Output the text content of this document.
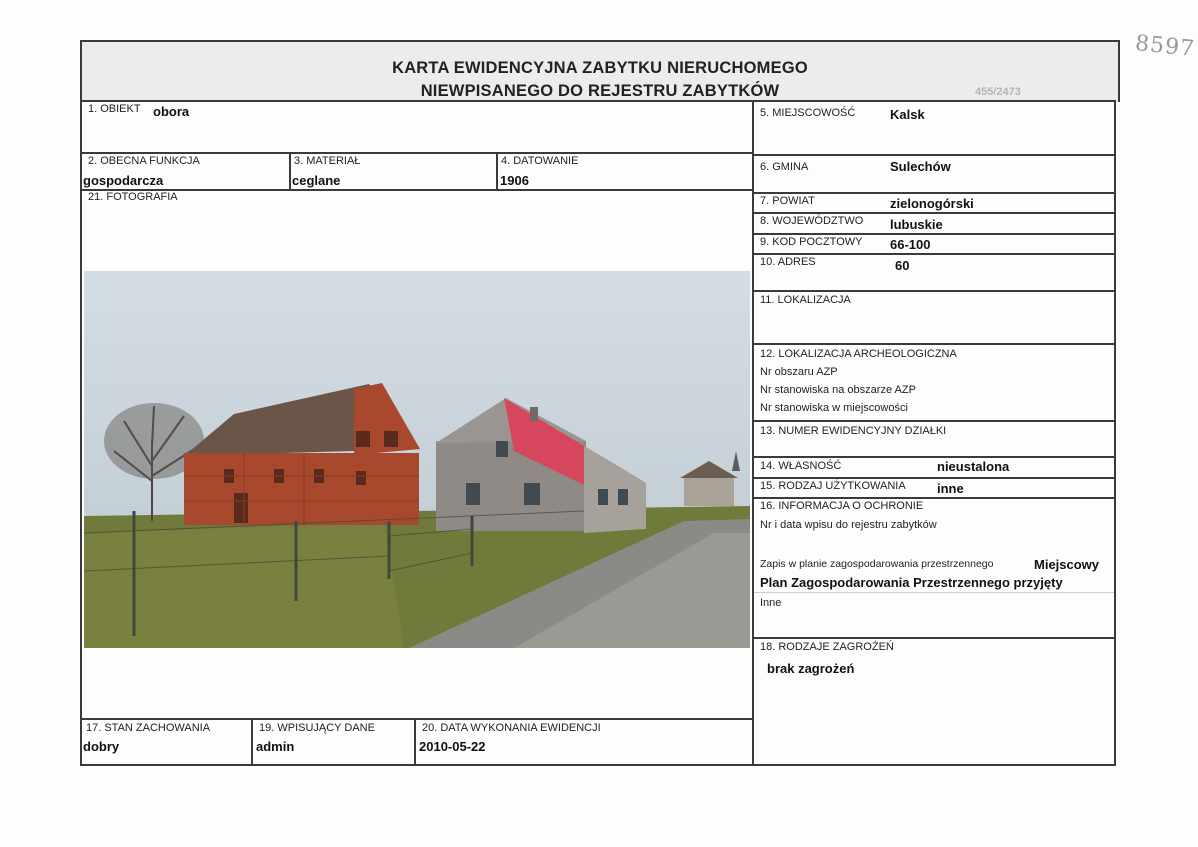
KARTA EWIDENCYJNA ZABYTKU NIERUCHOMEGO
NIEWPISANEGO DO REJESTRU ZABYTKÓW	455/2473
8597
1. OBIEKT obora
2. OBECNA FUNKCJA
gospodarcza
3. MATERIAŁ
ceglane
4. DATOWANIE
1906
21. FOTOGRAFIA
17. STAN ZACHOWANIA
dobry
19. WPISUJĄCY DANE
admin
20. DATA WYKONANIA EWIDENCJI
2010-05-22
5. MIEJSCOWOŚĆ	Kalsk
6. GMINA	Sulechów
7. POWIAT	zielonogórski
8. WOJEWÓDZTWO lubuskie
9. KOD POCZTOWY 66-100
10. ADRES	60
11. LOKALIZACJA
12. LOKALIZACJA ARCHEOLOGICZNA
Nr obszaru AZP
Nr stanowiska na obszarze AZP
Nr stanowiska w miejscowości
13. NUMER EWIDENCYJNY DZIAŁKI
14. WŁASNOŚĆ	nieustalona
15. RODZAJ UŻYTKOWANIA inne
16. INFORMACJA O OCHRONIE
Nr i data wpisu do rejestru zabytków
Zapis w planie zagospodarowania przestrzennego	Miejscowy
Plan Zagospodarowania Przestrzennego przyjęty
Inne
18. RODZAJE ZAGROŻEŃ
brak zagrożeń
